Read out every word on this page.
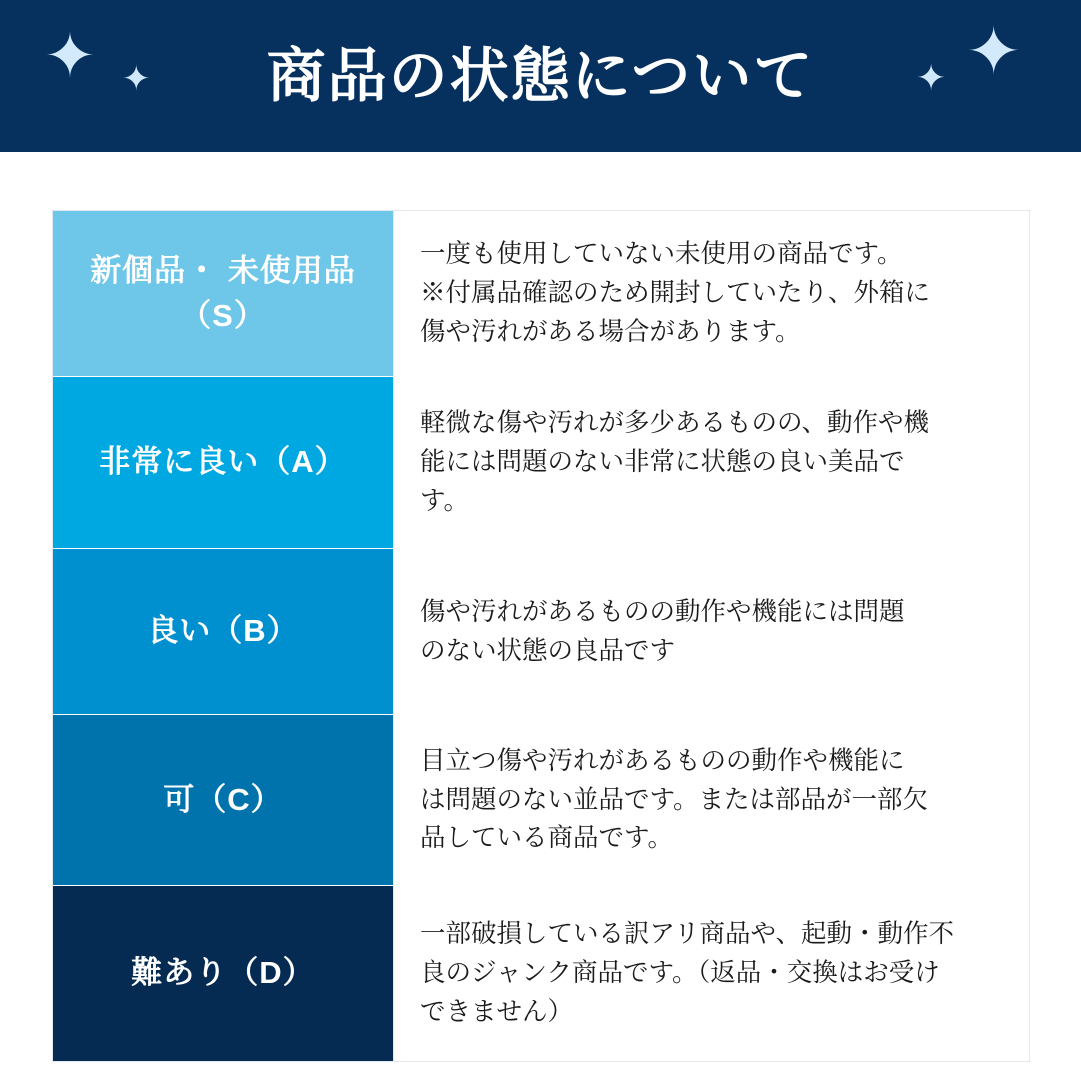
✦ ✦ 商品の状態について	✦ ✦
新個品・ 未使用品（S）
一度も使用していない未使用の商品です。
※付属品確認のため開封していたり、外箱に
傷や汚れがある場合があります。
非常に良い（A）
軽微な傷や汚れが多少あるものの、動作や機
能には問題のない非常に状態の良い美品で
す。
良い（B）
傷や汚れがあるものの動作や機能には問題
のない状態の良品です
可（C）
目立つ傷や汚れがあるものの動作や機能に
は問題のない並品です。または部品が一部欠
品している商品です。
難あり（D）
一部破損している訳アリ商品や、起動・動作不
良のジャンク商品です。（返品・交換はお受け
できません）
